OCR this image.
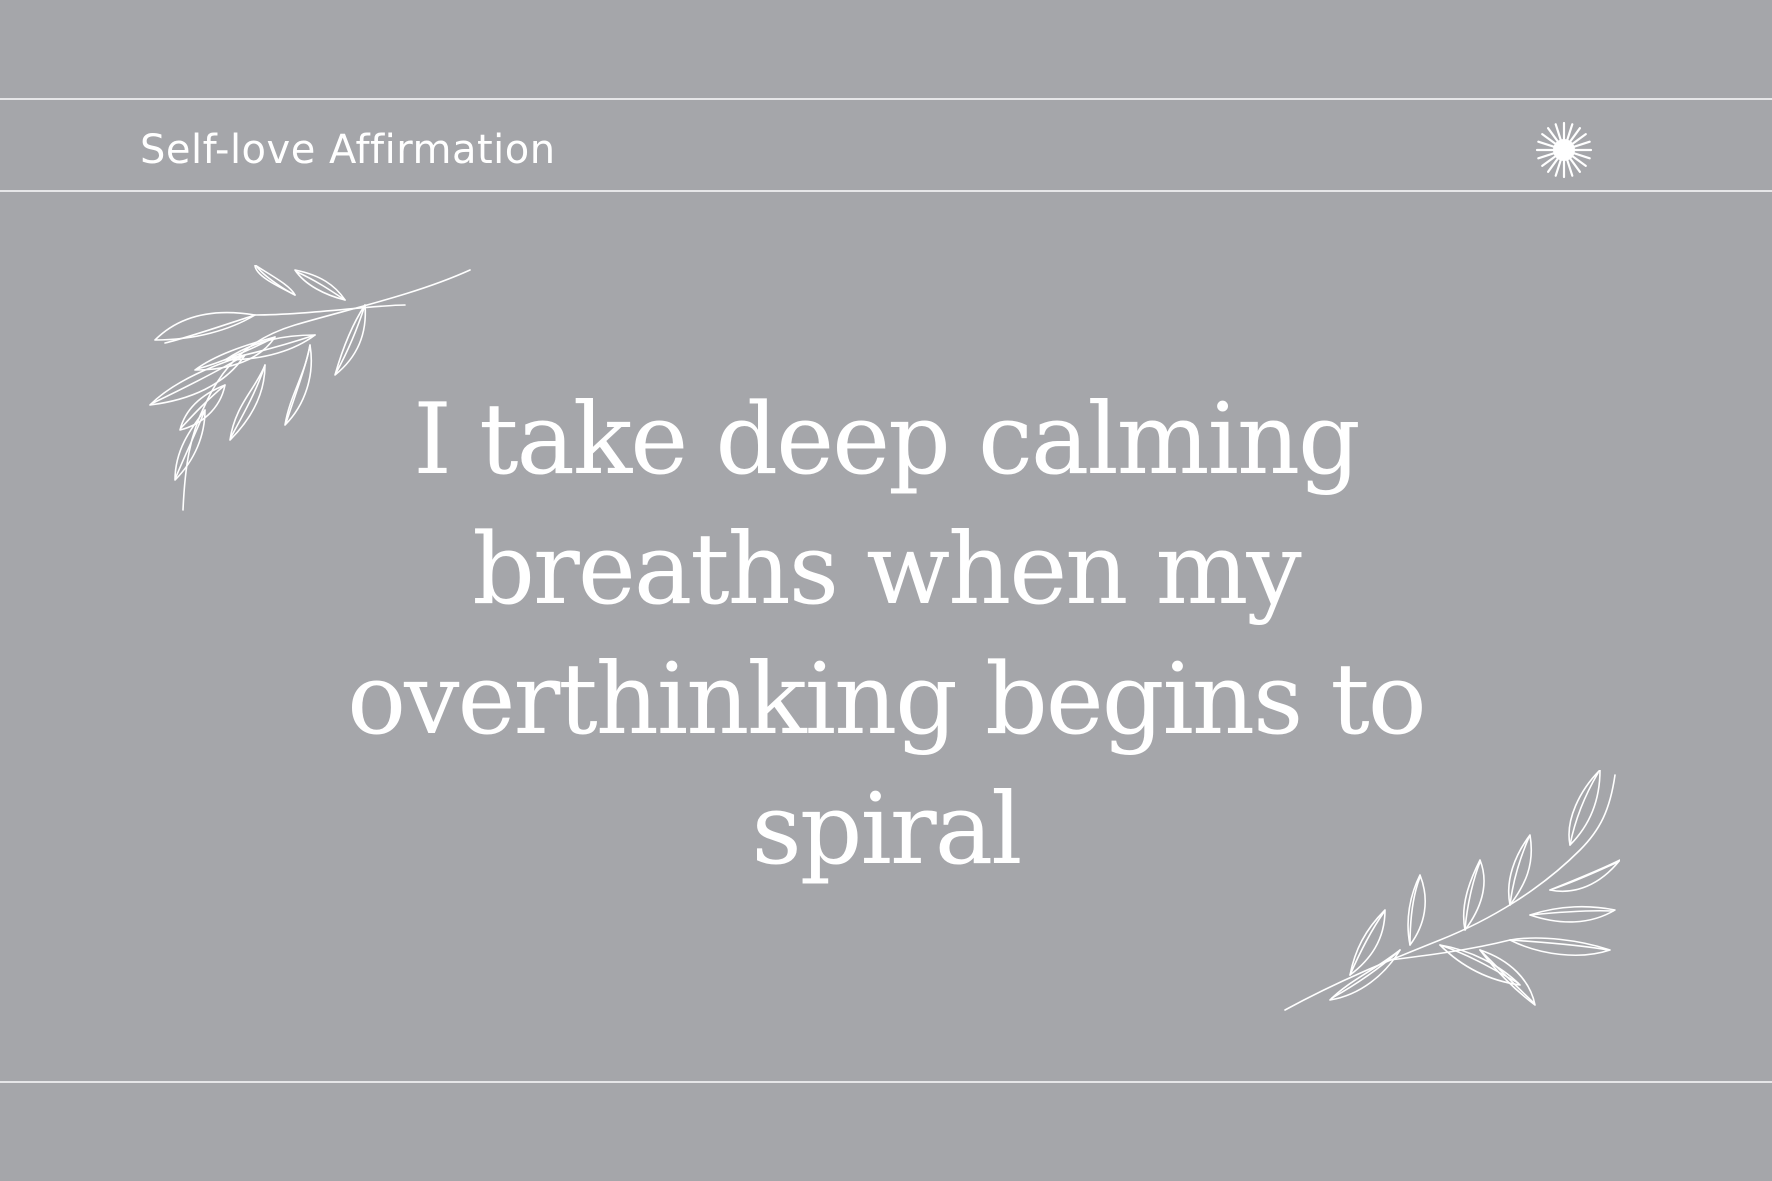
Self-love Affirmation
I take deep calming
breaths when my
overthinking begins to
spiral
